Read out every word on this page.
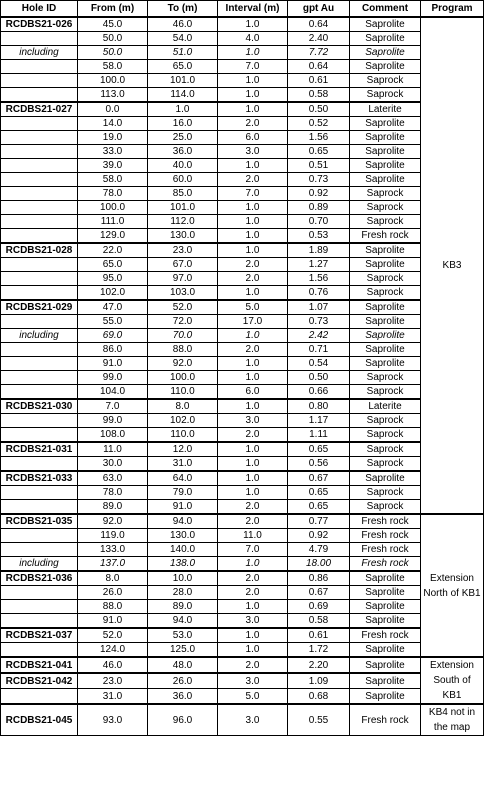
Hole ID	From (m)	To (m)	Interval (m)	gpt Au	Comment	Program
RCDBS21-026	45.0	46.0	1.0	0.64	Saprolite	KB3
	50.0	54.0	4.0	2.40	Saprolite	
including	50.0	51.0	1.0	7.72	Saprolite	
	58.0	65.0	7.0	0.64	Saprolite	
	100.0	101.0	1.0	0.61	Saprock	
	113.0	114.0	1.0	0.58	Saprock	
RCDBS21-027	0.0	1.0	1.0	0.50	Laterite	
	14.0	16.0	2.0	0.52	Saprolite	
	19.0	25.0	6.0	1.56	Saprolite	
	33.0	36.0	3.0	0.65	Saprolite	
	39.0	40.0	1.0	0.51	Saprolite	
	58.0	60.0	2.0	0.73	Saprolite	
	78.0	85.0	7.0	0.92	Saprock	
	100.0	101.0	1.0	0.89	Saprock	
	111.0	112.0	1.0	0.70	Saprock	
	129.0	130.0	1.0	0.53	Fresh rock	
RCDBS21-028	22.0	23.0	1.0	1.89	Saprolite	
	65.0	67.0	2.0	1.27	Saprolite	
	95.0	97.0	2.0	1.56	Saprock	
	102.0	103.0	1.0	0.76	Saprock	
RCDBS21-029	47.0	52.0	5.0	1.07	Saprolite	
	55.0	72.0	17.0	0.73	Saprolite	
including	69.0	70.0	1.0	2.42	Saprolite	
	86.0	88.0	2.0	0.71	Saprolite	
	91.0	92.0	1.0	0.54	Saprolite	
	99.0	100.0	1.0	0.50	Saprock	
	104.0	110.0	6.0	0.66	Saprock	
RCDBS21-030	7.0	8.0	1.0	0.80	Laterite	
	99.0	102.0	3.0	1.17	Saprock	
	108.0	110.0	2.0	1.11	Saprock	
RCDBS21-031	11.0	12.0	1.0	0.65	Saprock	
	30.0	31.0	1.0	0.56	Saprock	
RCDBS21-033	63.0	64.0	1.0	0.67	Saprolite	
	78.0	79.0	1.0	0.65	Saprock	
	89.0	91.0	2.0	0.65	Saprock	
RCDBS21-035	92.0	94.0	2.0	0.77	Fresh rock	Extension North of KB1
	119.0	130.0	11.0	0.92	Fresh rock	
	133.0	140.0	7.0	4.79	Fresh rock	
including	137.0	138.0	1.0	18.00	Fresh rock	
RCDBS21-036	8.0	10.0	2.0	0.86	Saprolite	
	26.0	28.0	2.0	0.67	Saprolite	
	88.0	89.0	1.0	0.69	Saprolite	
	91.0	94.0	3.0	0.58	Saprolite	
RCDBS21-037	52.0	53.0	1.0	0.61	Fresh rock	
	124.0	125.0	1.0	1.72	Saprolite	
RCDBS21-041	46.0	48.0	2.0	2.20	Saprolite	Extension South of KB1
RCDBS21-042	23.0	26.0	3.0	1.09	Saprolite	
	31.0	36.0	5.0	0.68	Saprolite	
RCDBS21-045	93.0	96.0	3.0	0.55	Fresh rock	KB4 not in the map
